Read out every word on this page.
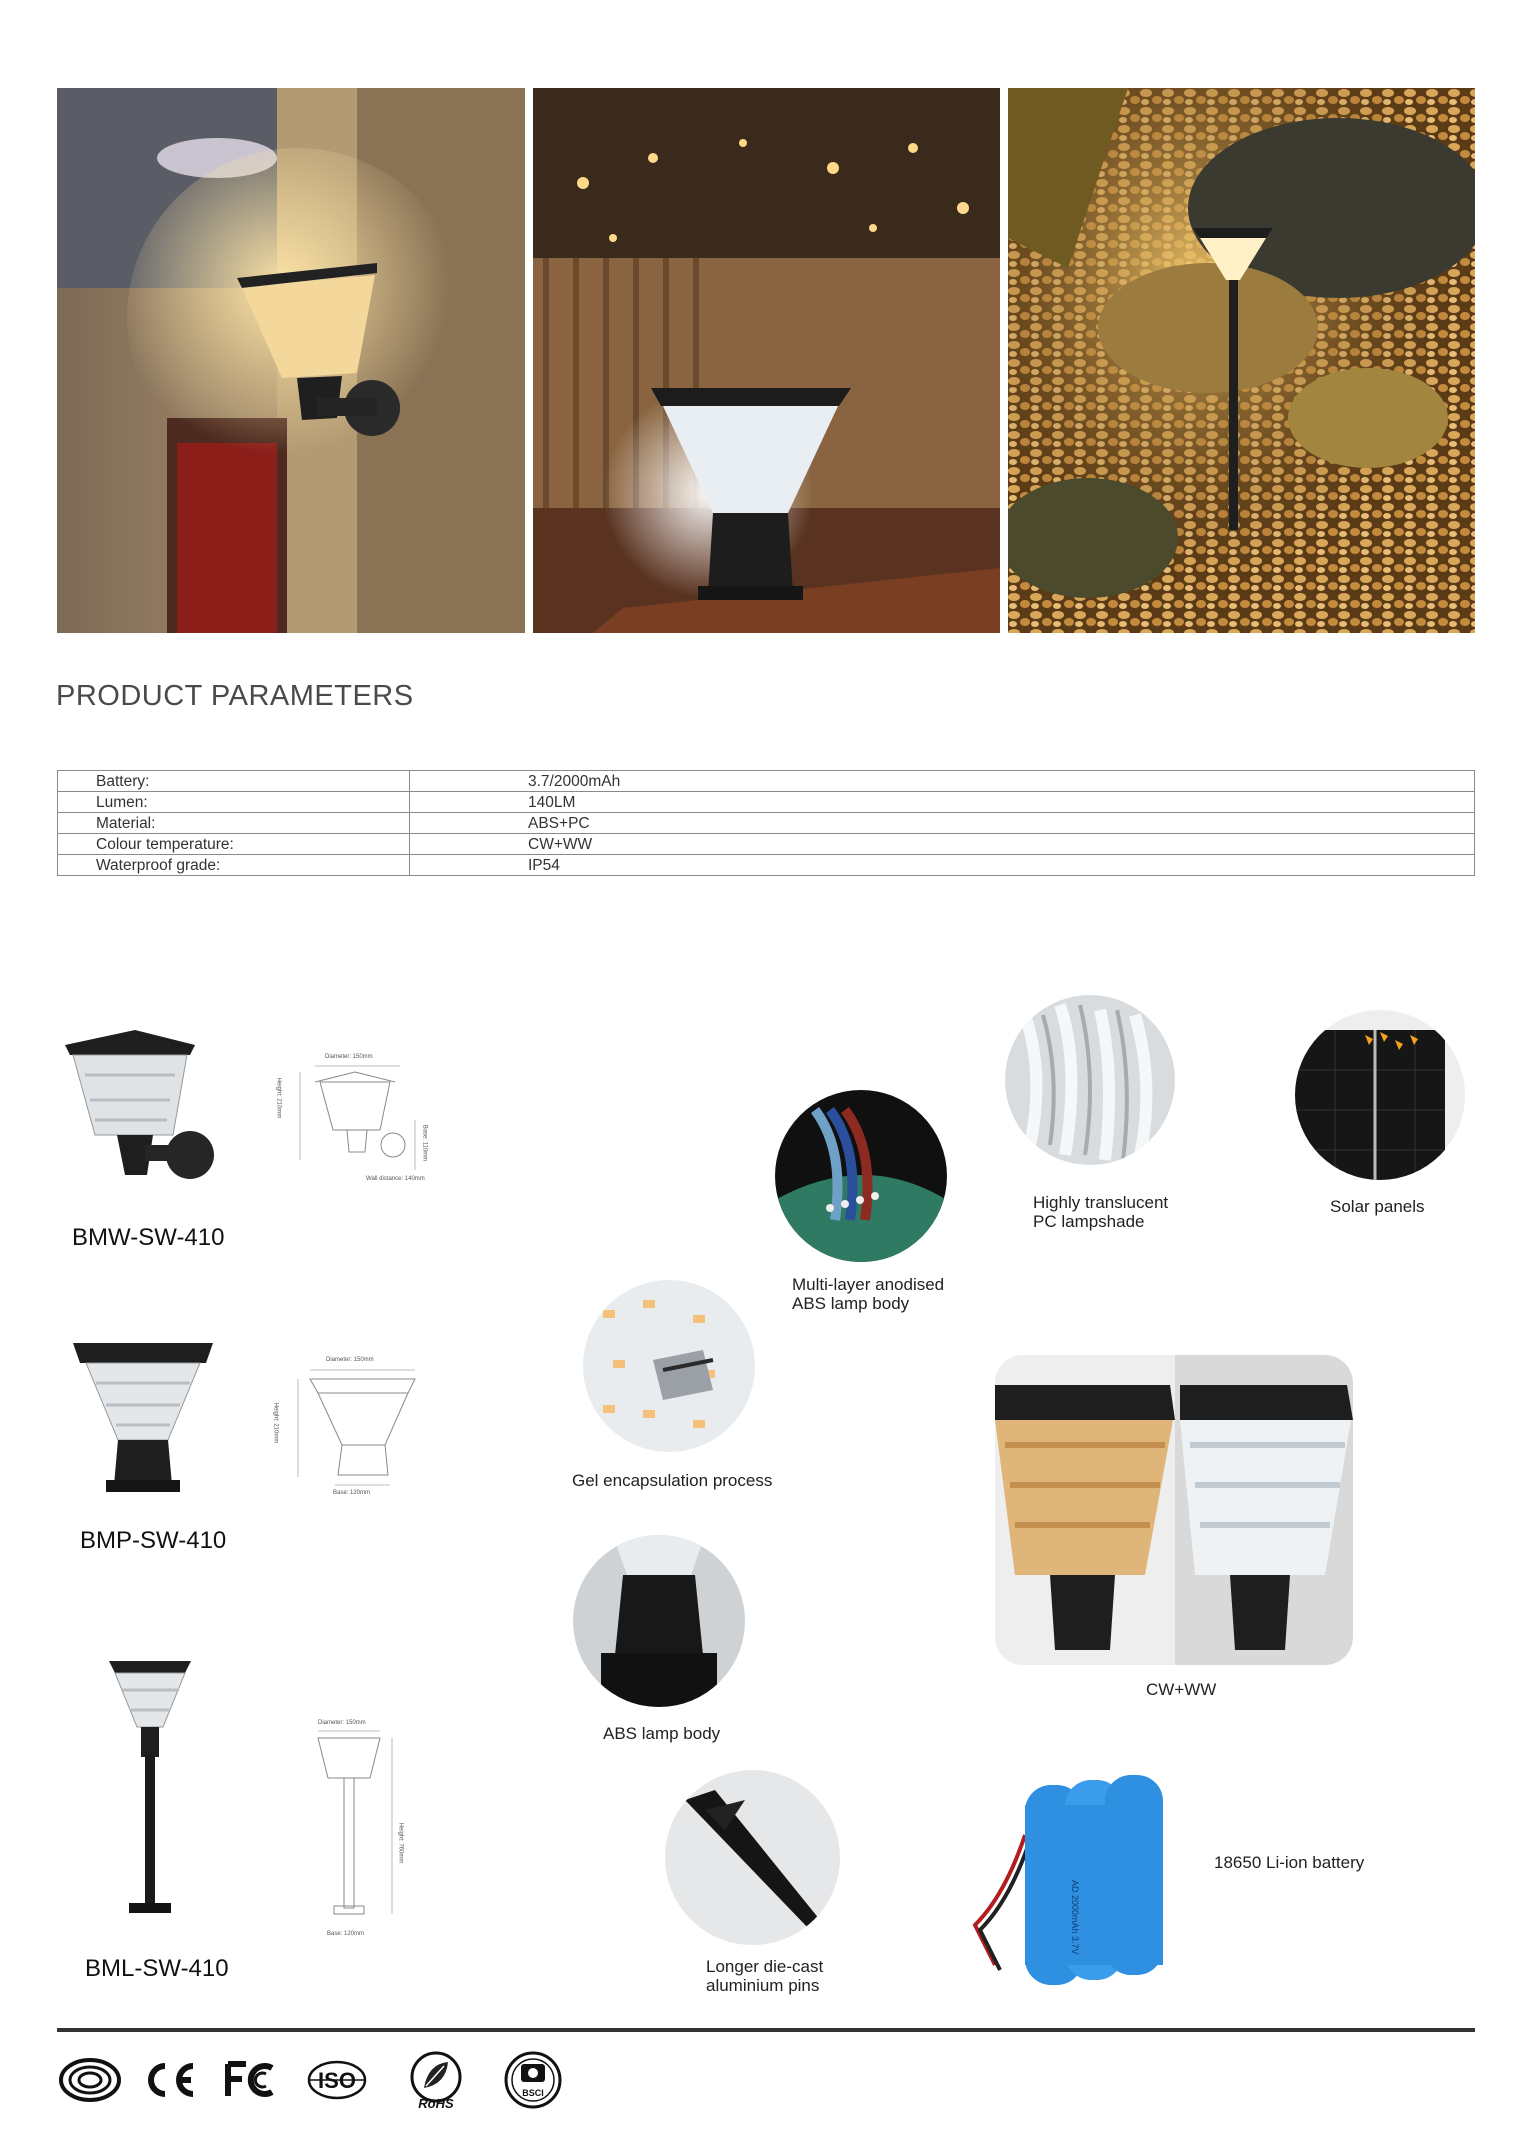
PRODUCT PARAMETERS
Battery:	3.7/2000mAh
Lumen:	140LM
Material:	ABS+PC
Colour temperature:	CW+WW
Waterproof grade:	IP54
Diameter: 150mm
Height: 210mm
Base: 110mm
Wall distance: 140mm
BMW-SW-410
Diameter: 150mm
Height: 210mm
Base: 120mm
BMP-SW-410
Diameter: 150mm
Height: 760mm
Base: 120mm
BML-SW-410
Highly translucent
PC lampshade
Solar panels
Multi-layer anodised
ABS lamp body
Gel encapsulation process
CW+WW
ABS lamp body
Longer die-cast
aluminium pins
AD 2000mAh 3.7V
18650 Li-ion battery
ISO
RoHS
BSCI
